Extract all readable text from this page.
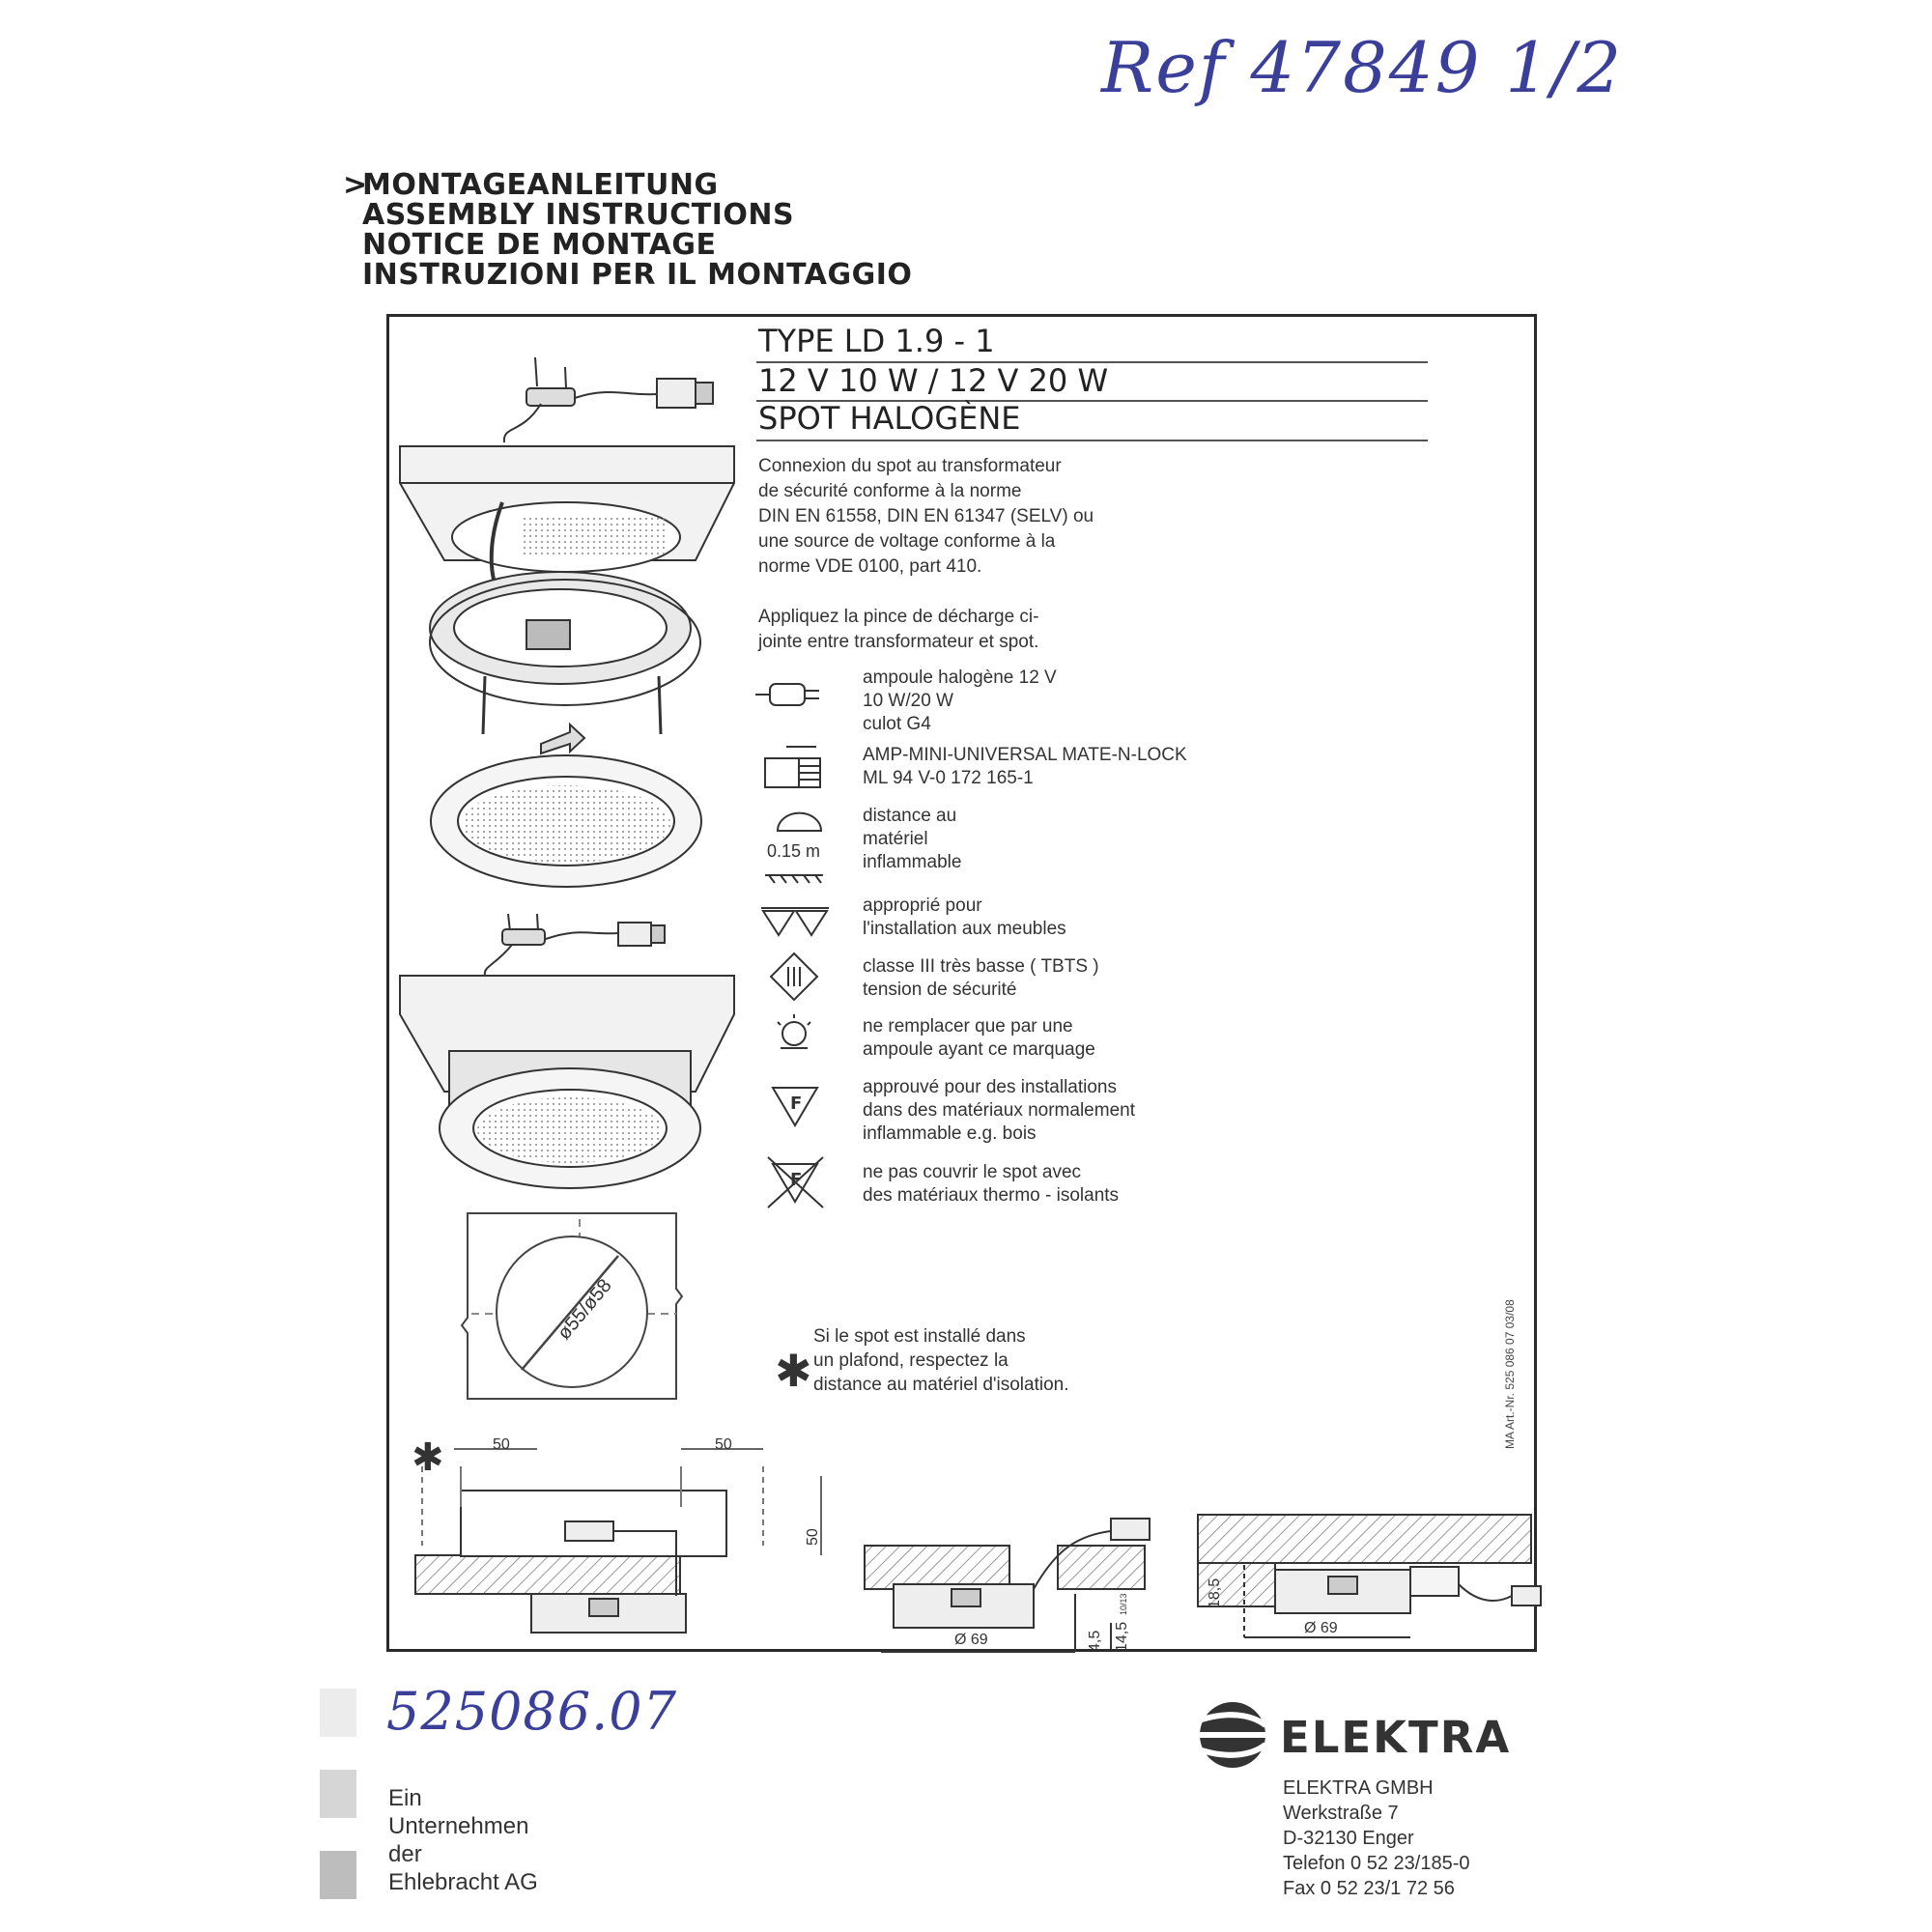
Ref 47849 1/2
525086.07
>
MONTAGEANLEITUNG
ASSEMBLY INSTRUCTIONS
NOTICE DE MONTAGE
INSTRUZIONI PER IL MONTAGGIO
TYPE LD 1.9 - 1
12 V 10 W / 12 V 20 W
SPOT HALOGÈNE
Connexion du spot au transformateur
de sécurité conforme à la norme
DIN EN 61558, DIN EN 61347 (SELV) ou
une source de voltage conforme à la
norme VDE 0100, part 410.
Appliquez la pince de décharge ci-
jointe entre transformateur et spot.
ampoule halogène 12 V
10 W/20 W
culot G4
AMP-MINI-UNIVERSAL MATE-N-LOCK
ML 94 V-0 172 165-1
distance au
matériel
inflammable
approprié pour
l'installation aux meubles
classe III très basse ( TBTS )
tension de sécurité
ne remplacer que par une
ampoule ayant ce marquage
approuvé pour des installations
dans des matériaux normalement
inflammable e.g. bois
ne pas couvrir le spot avec
des matériaux thermo - isolants
Si le spot est installé dans
un plafond, respectez la
distance au matériel d'isolation.
ø55/ø58
✱
50	50
50
Ø 69	4,5 14,5
10/13	18,5
Ø 69
✱
F
F
0.15 m
MA Art.-Nr. 525 086 07 03/08
ELEKTRA
ELEKTRA GMBH
Werkstraße 7
D-32130 Enger
Telefon 0 52 23/185-0
Fax 0 52 23/1 72 56
Ein
Unternehmen
der
Ehlebracht AG
